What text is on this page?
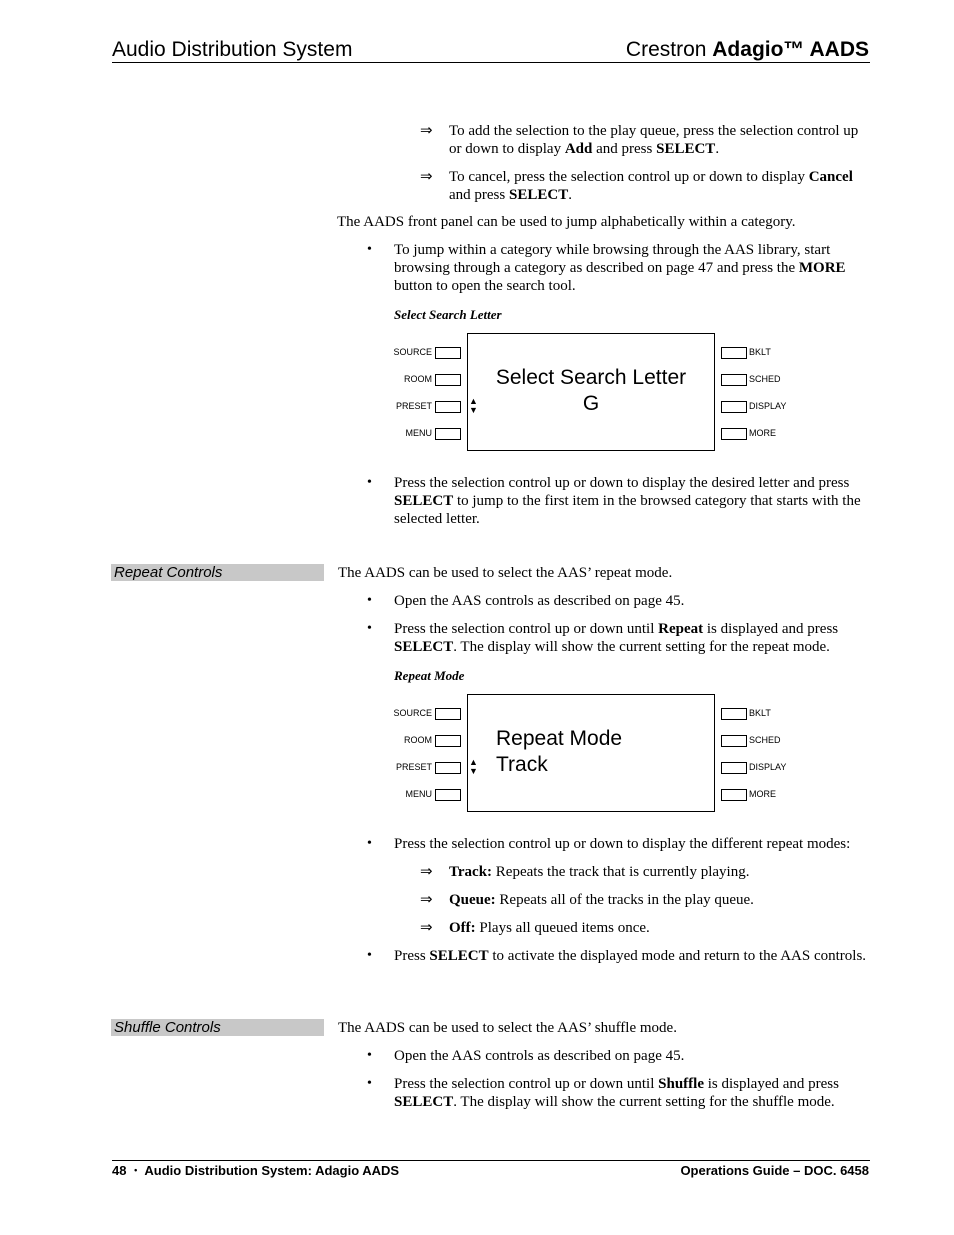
Audio Distribution System	Crestron Adagio™ AADS
⇒ To add the selection to the play queue, press the selection control up or down to display Add and press SELECT.
⇒ To cancel, press the selection control up or down to display Cancel and press SELECT.
The AADS front panel can be used to jump alphabetically within a category.
• To jump within a category while browsing through the AAS library, start browsing through a category as described on page 47 and press the MORE button to open the search tool.
Select Search Letter
SOURCE
ROOM
PRESET
MENU
▲
▼
Select Search Letter
G
BKLT
SCHED
DISPLAY
MORE
• Press the selection control up or down to display the desired letter and press SELECT to jump to the first item in the browsed category that starts with the selected letter.
Repeat Controls	The AADS can be used to select the AAS’ repeat mode.
• Open the AAS controls as described on page 45.
• Press the selection control up or down until Repeat is displayed and press SELECT. The display will show the current setting for the repeat mode.
Repeat Mode
SOURCE
ROOM
PRESET
MENU
▲
▼
Repeat Mode
Track
BKLT
SCHED
DISPLAY
MORE
• Press the selection control up or down to display the different repeat modes:
⇒ Track: Repeats the track that is currently playing.
⇒ Queue: Repeats all of the tracks in the play queue.
⇒ Off: Plays all queued items once.
• Press SELECT to activate the displayed mode and return to the AAS controls.
Shuffle Controls	The AADS can be used to select the AAS’ shuffle mode.
• Open the AAS controls as described on page 45.
• Press the selection control up or down until Shuffle is displayed and press SELECT. The display will show the current setting for the shuffle mode.
48 • Audio Distribution System: Adagio AADS	Operations Guide – DOC. 6458
